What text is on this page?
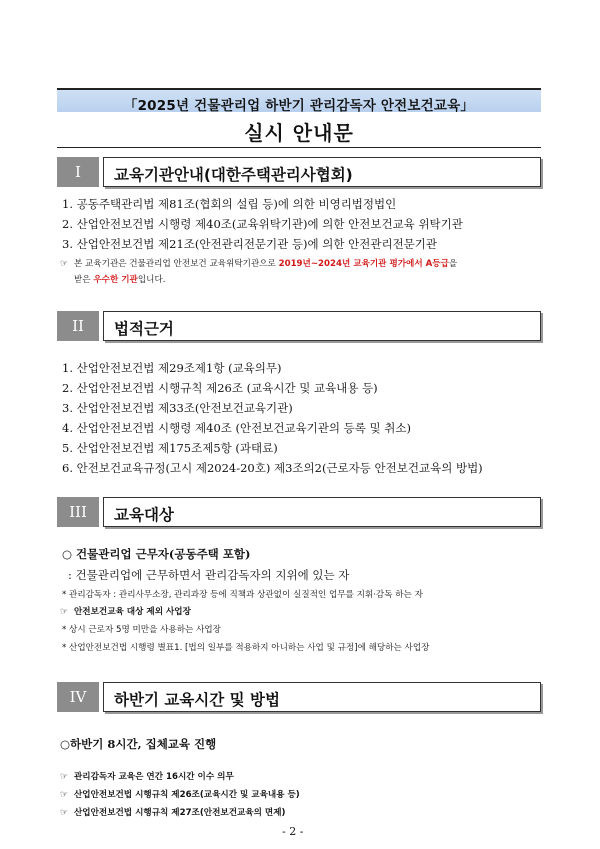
「2025년 건물관리업 하반기 관리감독자 안전보건교육」
실시 안내문
I	교육기관안내(대한주택관리사협회)
1. 공동주택관리법 제81조(협회의 설립 등)에 의한 비영리법정법인
2. 산업안전보건법 시행령 제40조(교육위탁기관)에 의한 안전보건교육 위탁기관
3. 산업안전보건법 제21조(안전관리전문기관 등)에 의한 안전관리전문기관
☞ 본 교육기관은 건물관리업 안전보건 교육위탁기관으로 2019년~2024년 교육기관 평가에서 A등급을
받은 우수한 기관입니다.
II	법적근거
1. 산업안전보건법 제29조제1항 (교육의무)
2. 산업안전보건법 시행규칙 제26조 (교육시간 및 교육내용 등)
3. 산업안전보건법 제33조(안전보건교육기관)
4. 산업안전보건법 시행령 제40조 (안전보건교육기관의 등록 및 취소)
5. 산업안전보건법 제175조제5항 (과태료)
6. 안전보건교육규정(고시 제2024-20호) 제3조의2(근로자등 안전보건교육의 방법)
III	교육대상
○ 건물관리업 근무자(공동주택 포함)
: 건물관리업에 근무하면서 관리감독자의 지위에 있는 자
* 관리감독자 : 관리사무소장, 관리과장 등에 직책과 상관없이 실질적인 업무를 지휘·감독 하는 자
☞ 안전보건교육 대상 제외 사업장
* 상시 근로자 5명 미만을 사용하는 사업장
* 산업안전보건법 시행령 별표1. [법의 일부를 적용하지 아니하는 사업 및 규정]에 해당하는 사업장
IV	하반기 교육시간 및 방법
○하반기 8시간, 집체교육 진행
☞ 관리감독자 교육은 연간 16시간 이수 의무
☞ 산업안전보건법 시행규칙 제26조(교육시간 및 교육내용 등)
☞ 산업안전보건법 시행규칙 제27조(안전보건교육의 면제)
- 2 -
